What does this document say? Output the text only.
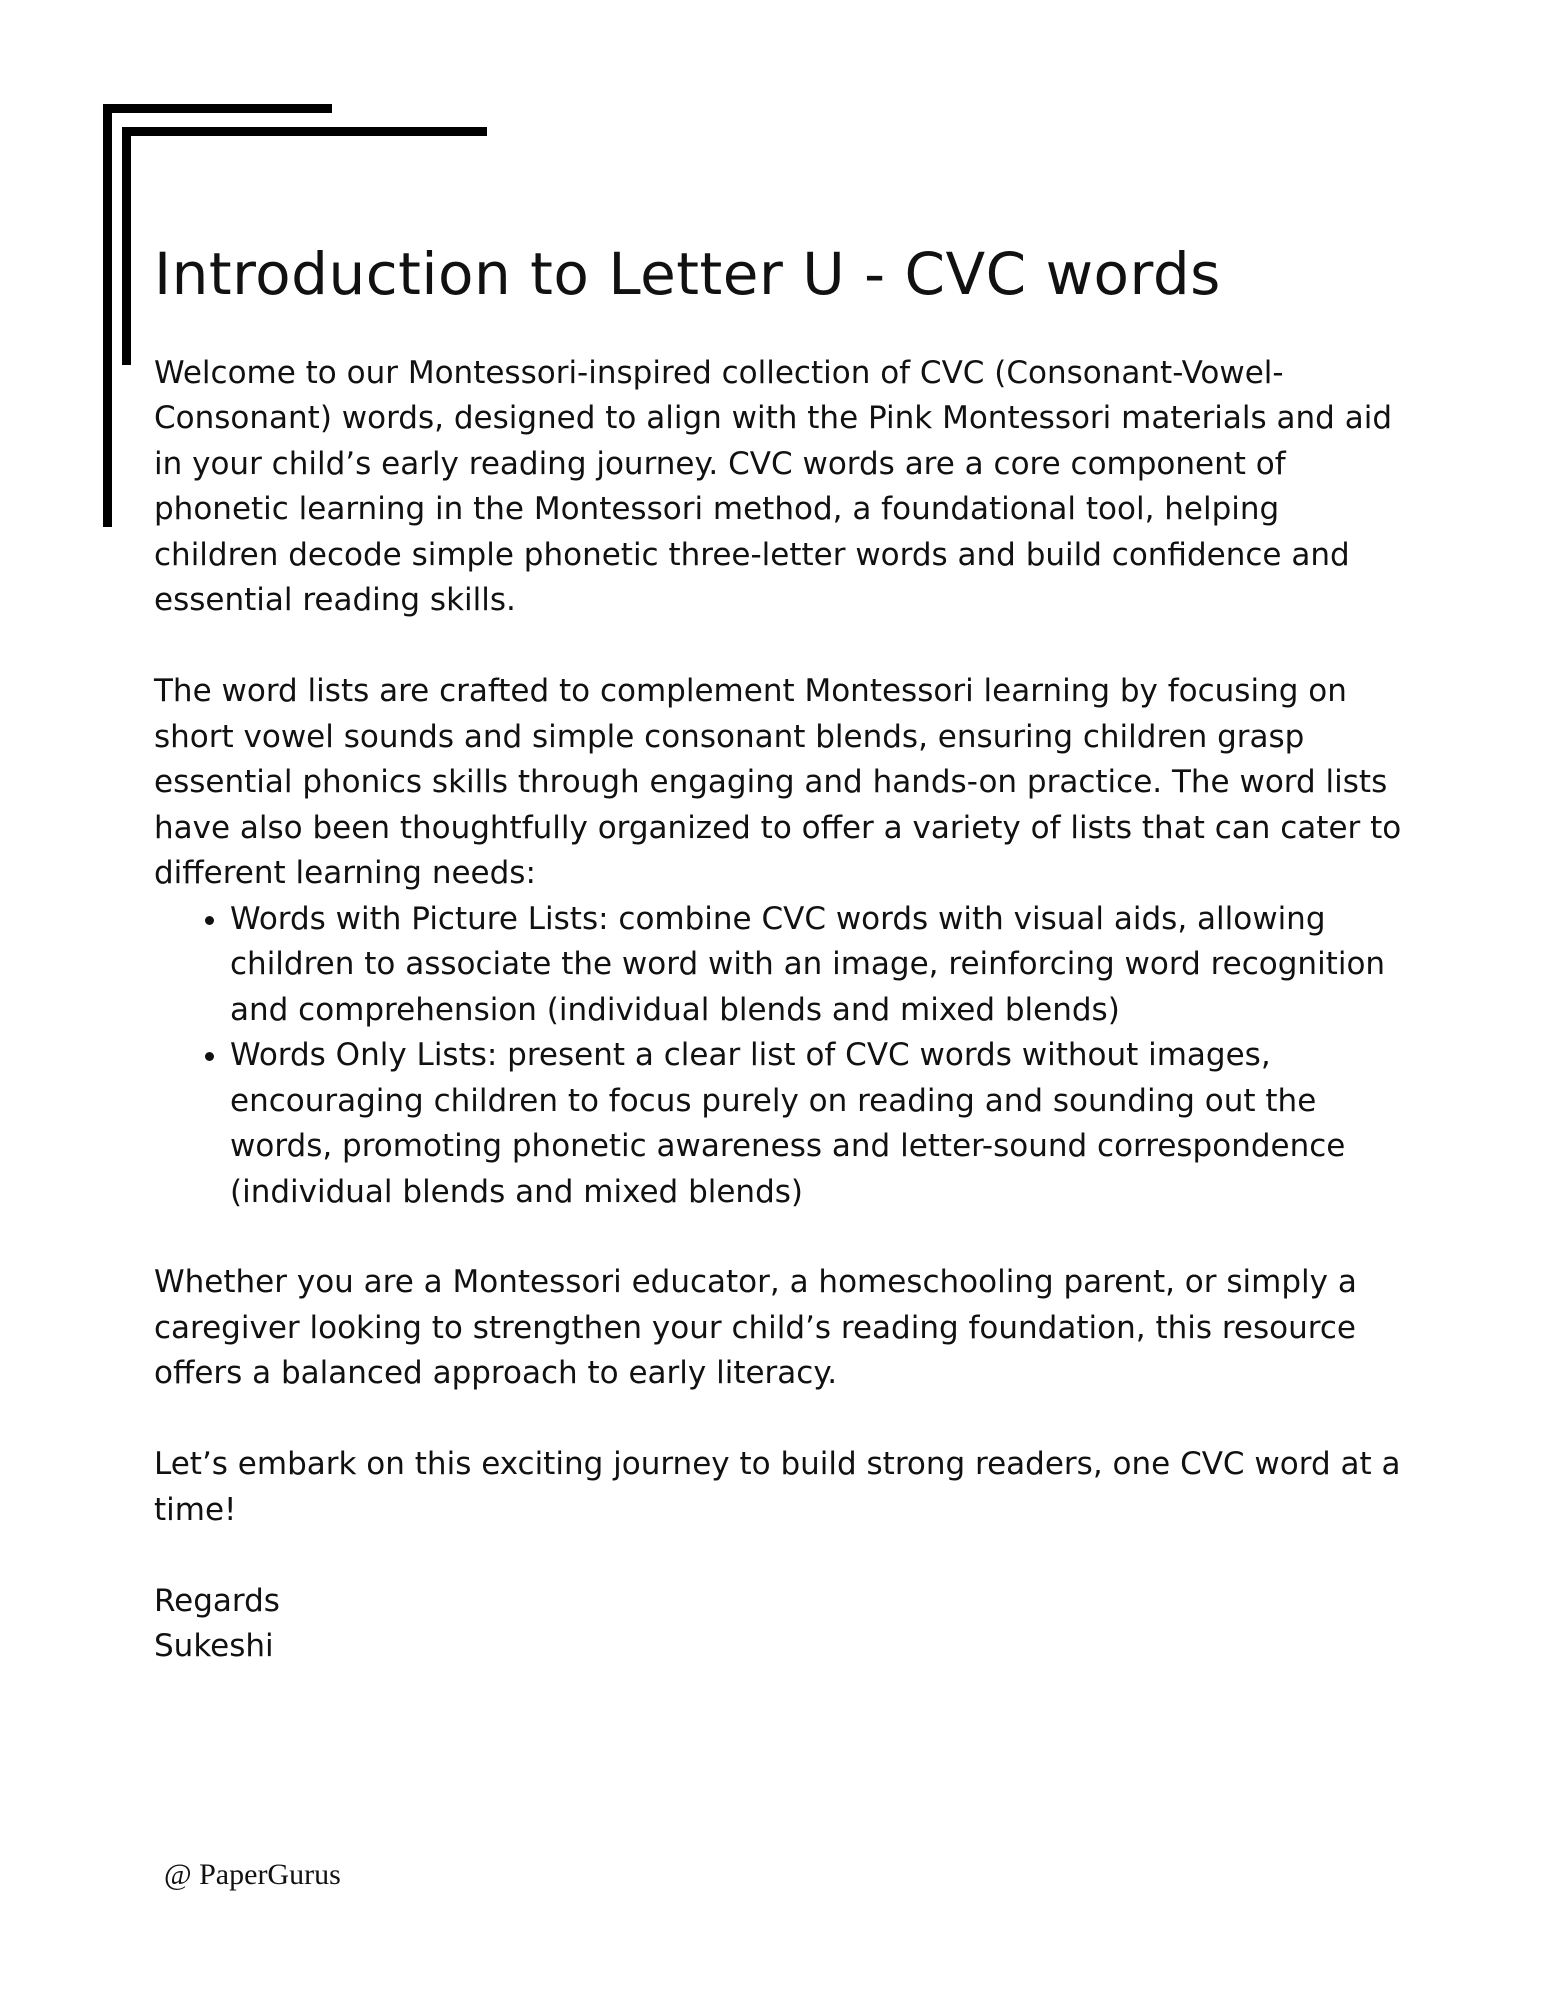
Introduction to Letter U - CVC words

Welcome to our Montessori-inspired collection of CVC (Consonant-Vowel-Consonant) words, designed to align with the Pink Montessori materials and aid in your child’s early reading journey. CVC words are a core component of phonetic learning in the Montessori method, a foundational tool, helping children decode simple phonetic three-letter words and build confidence and essential reading skills.

The word lists are crafted to complement Montessori learning by focusing on short vowel sounds and simple consonant blends, ensuring children grasp essential phonics skills through engaging and hands-on practice. The word lists have also been thoughtfully organized to offer a variety of lists that can cater to different learning needs:

• Words with Picture Lists: combine CVC words with visual aids, allowing children to associate the word with an image, reinforcing word recognition and comprehension (individual blends and mixed blends)
• Words Only Lists: present a clear list of CVC words without images, encouraging children to focus purely on reading and sounding out the words, promoting phonetic awareness and letter-sound correspondence (individual blends and mixed blends)

Whether you are a Montessori educator, a homeschooling parent, or simply a caregiver looking to strengthen your child’s reading foundation, this resource offers a balanced approach to early literacy.

Let’s embark on this exciting journey to build strong readers, one CVC word at a time!

Regards

Sukeshi

@ PaperGurus
